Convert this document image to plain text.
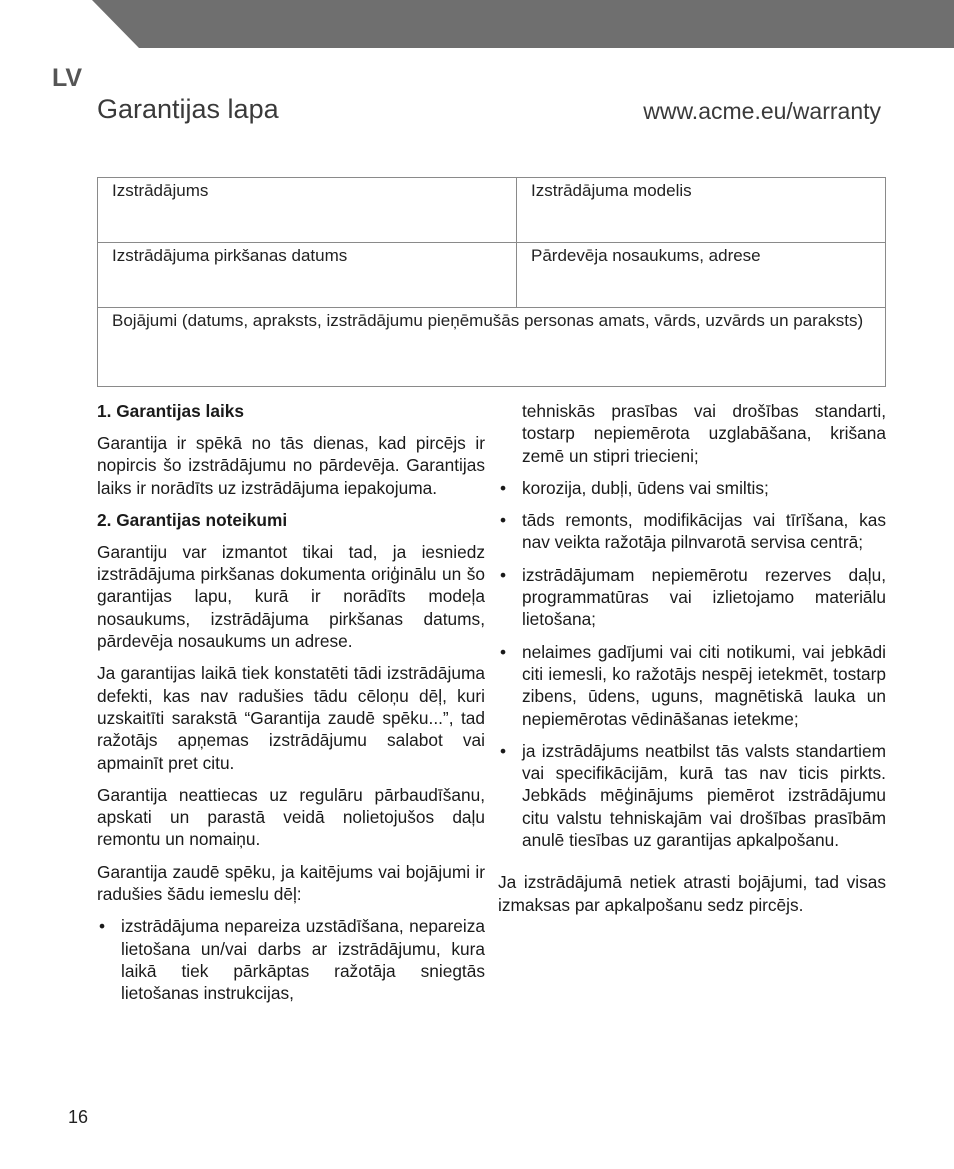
LV
Garantijas lapa	www.acme.eu/warranty
Izstrādājums	Izstrādājuma modelis
Izstrādājuma pirkšanas datums	Pārdevēja nosaukums, adrese
Bojājumi (datums, apraksts, izstrādājumu pieņēmušās personas amats, vārds, uzvārds un paraksts)	
1. Garantijas laiks

Garantija ir spēkā no tās dienas, kad pircējs ir nopircis šo izstrādājumu no pārdevēja. Garantijas laiks ir norādīts uz izstrādājuma iepakojuma.

2. Garantijas noteikumi

Garantiju var izmantot tikai tad, ja iesniedz izstrādājuma pirkšanas dokumenta oriģinālu un šo garantijas lapu, kurā ir norādīts modeļa nosaukums, izstrādājuma pirkšanas datums, pārdevēja nosaukums un adrese.

Ja garantijas laikā tiek konstatēti tādi izstrādājuma defekti, kas nav radušies tādu cēloņu dēļ, kuri uzskaitīti sarakstā “Garantija zaudē spēku...”, tad ražotājs apņemas izstrādājumu salabot vai apmainīt pret citu.

Garantija neattiecas uz regulāru pārbaudīšanu, apskati un parastā veidā nolietojušos daļu remontu un nomaiņu.

Garantija zaudē spēku, ja kaitējums vai bojājumi ir radušies šādu iemeslu dēļ:

• izstrādājuma nepareiza uzstādīšana, nepareiza lietošana un/vai darbs ar izstrādājumu, kura laikā tiek pārkāptas ražotāja sniegtās lietošanas instrukcijas,
tehniskās prasības vai drošības standarti, tostarp nepiemērota uzglabāšana, krišana zemē un stipri triecieni;
• korozija, dubļi, ūdens vai smiltis;
• tāds remonts, modifikācijas vai tīrīšana, kas nav veikta ražotāja pilnvarotā servisa centrā;
• izstrādājumam nepiemērotu rezerves daļu, programmatūras vai izlietojamo materiālu lietošana;
• nelaimes gadījumi vai citi notikumi, vai jebkādi citi iemesli, ko ražotājs nespēj ietekmēt, tostarp zibens, ūdens, uguns, magnētiskā lauka un nepiemērotas vēdināšanas ietekme;
• ja izstrādājums neatbilst tās valsts standartiem vai specifikācijām, kurā tas nav ticis pirkts. Jebkāds mēģinājums piemērot izstrādājumu citu valstu tehniskajām vai drošības prasībām anulē tiesības uz garantijas apkalpošanu.

Ja izstrādājumā netiek atrasti bojājumi, tad visas izmaksas par apkalpošanu sedz pircējs.

16
